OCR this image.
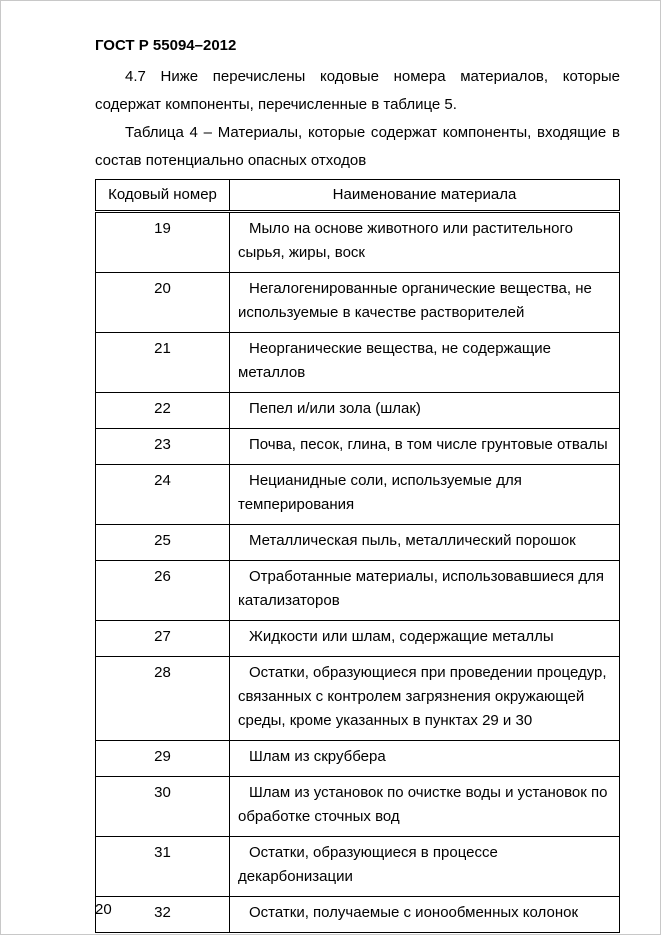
ГОСТ Р 55094–2012

4.7 Ниже перечислены кодовые номера материалов, которые содержат компоненты, перечисленные в таблице 5.

Таблица 4 – Материалы, которые содержат компоненты, входящие в состав потенциально опасных отходов

Кодовый номер	Наименование материала
19	Мыло на основе животного или растительного сырья, жиры, воск
20	Негалогенированные органические вещества, не используемые в качестве растворителей
21	Неорганические вещества, не содержащие металлов
22	Пепел и/или зола (шлак)
23	Почва, песок, глина, в том числе грунтовые отвалы
24	Нецианидные соли, используемые для темперирования
25	Металлическая пыль, металлический порошок
26	Отработанные материалы, использовавшиеся для катализаторов
27	Жидкости или шлам, содержащие металлы
28	Остатки, образующиеся при проведении процедур, связанных с контролем загрязнения окружающей среды, кроме указанных в пунктах 29 и 30
29	Шлам из скруббера
30	Шлам из установок по очистке воды и установок по обработке сточных вод
31	Остатки, образующиеся в процессе декарбонизации
32	Остатки, получаемые с ионообменных колонок
20
